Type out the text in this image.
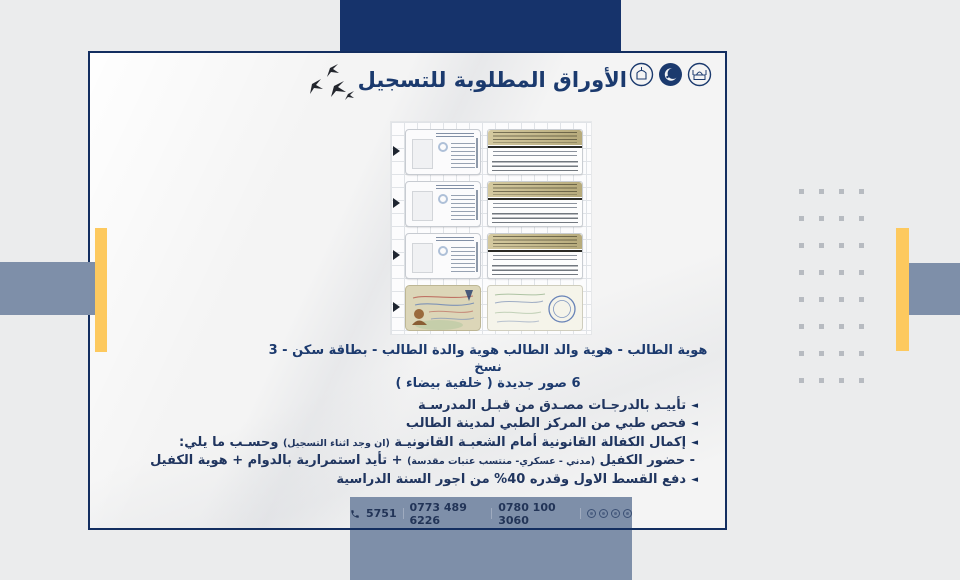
الأوراق المطلوبة للتسجيل
هوية الطالب - هوية والد الطالب هوية والدة الطالب - بطاقة سكن - 3 نسخ
6 صور جديدة ( خلفية بيضاء )
◄تأييـد بالدرجـات مصـدق من قبـل المدرسـة
◄فحص طبي من المركز الطبي لمدينة الطالب
◄إكمال الكفالة القانونية أمام الشعبـة القانونيـة (ان وجد اثناء التسجيل) وحسـب ما يلي:
- حضور الكفيل (مدني - عسكري- منتسب عتبات مقدسة) + تأيد استمرارية بالدوام + هوية الكفيل
◄دفع القسط الاول وقدره 40% من اجور السنة الدراسية
5751 0773 489 6226
0780 100 3060
